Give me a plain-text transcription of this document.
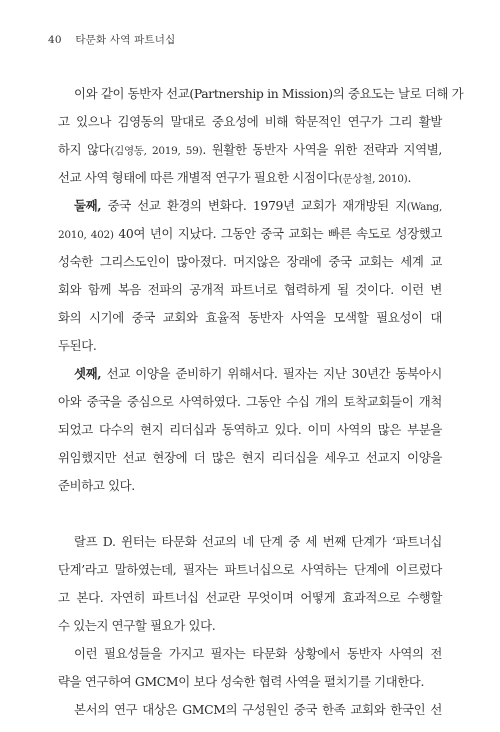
40 타문화 사역 파트너십
이와 같이 동반자 선교(Partnership in Mission)의 중요도는 날로 더해 가
고 있으나 김영동의 말대로 중요성에 비해 학문적인 연구가 그리 활발
하지 않다(김영동, 2019, 59). 원활한 동반자 사역을 위한 전략과 지역별,
선교 사역 형태에 따른 개별적 연구가 필요한 시점이다(문상철, 2010).
둘째, 중국 선교 환경의 변화다. 1979년 교회가 재개방된 지(Wang,
2010, 402) 40여 년이 지났다. 그동안 중국 교회는 빠른 속도로 성장했고
성숙한 그리스도인이 많아졌다. 머지않은 장래에 중국 교회는 세계 교
회와 함께 복음 전파의 공개적 파트너로 협력하게 될 것이다. 이런 변
화의 시기에 중국 교회와 효율적 동반자 사역을 모색할 필요성이 대
두된다.
셋째, 선교 이양을 준비하기 위해서다. 필자는 지난 30년간 동북아시
아와 중국을 중심으로 사역하였다. 그동안 수십 개의 토착교회들이 개척
되었고 다수의 현지 리더십과 동역하고 있다. 이미 사역의 많은 부분을
위임했지만 선교 현장에 더 많은 현지 리더십을 세우고 선교지 이양을
준비하고 있다.
랄프 D. 윈터는 타문화 선교의 네 단계 중 세 번째 단계가 ‘파트너십
단계’라고 말하였는데, 필자는 파트너십으로 사역하는 단계에 이르렀다
고 본다. 자연히 파트너십 선교란 무엇이며 어떻게 효과적으로 수행할
수 있는지 연구할 필요가 있다.
이런 필요성들을 가지고 필자는 타문화 상황에서 동반자 사역의 전
략을 연구하여 GMCM이 보다 성숙한 협력 사역을 펼치기를 기대한다.
본서의 연구 대상은 GMCM의 구성원인 중국 한족 교회와 한국인 선
